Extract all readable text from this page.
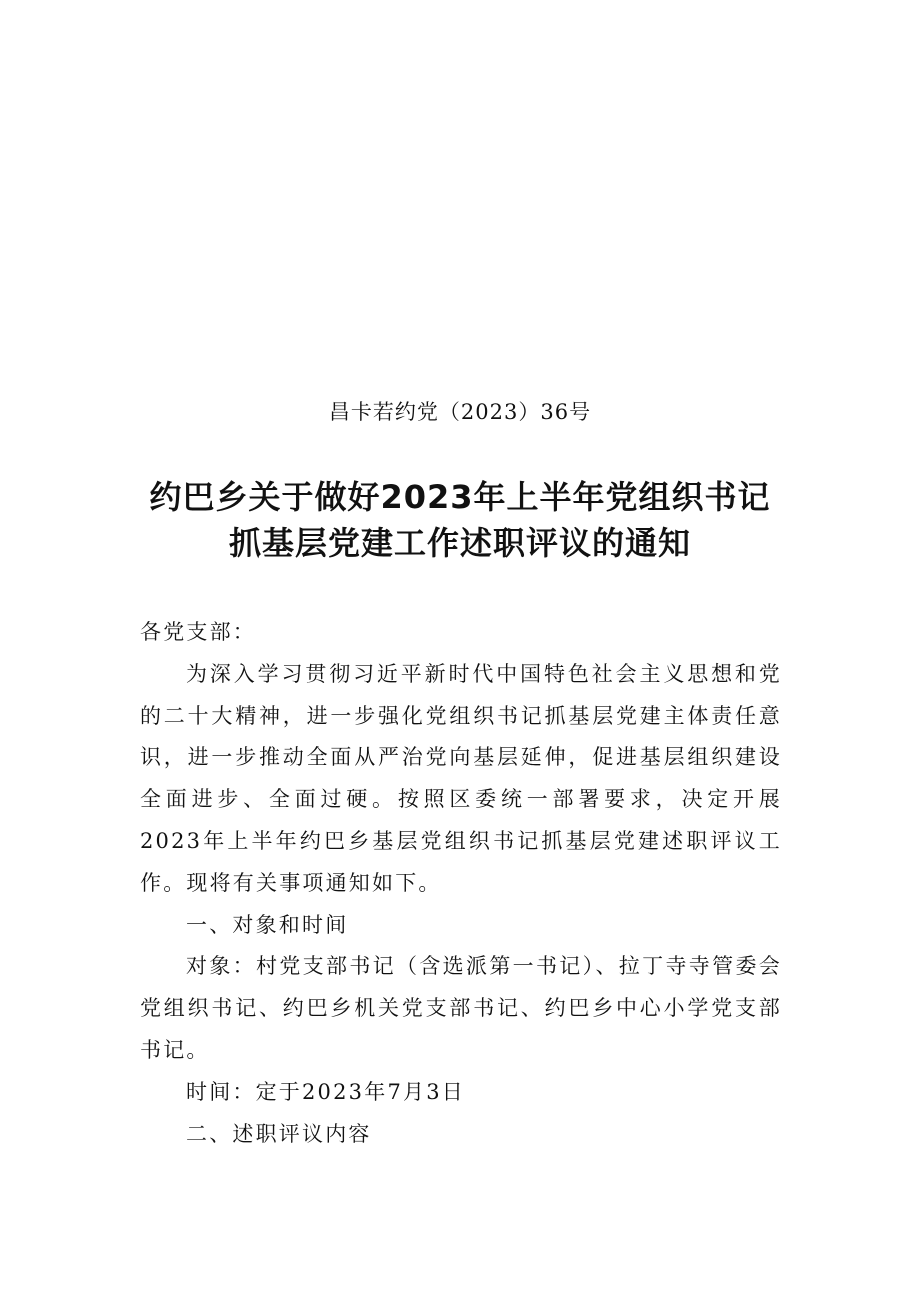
昌卡若约党（2023）36号
约巴乡关于做好2023年上半年党组织书记
抓基层党建工作述职评议的通知

各党支部：

为深入学习贯彻习近平新时代中国特色社会主义思想和党的二十大精神，进一步强化党组织书记抓基层党建主体责任意识，进一步推动全面从严治党向基层延伸，促进基层组织建设全面进步、全面过硬。按照区委统一部署要求，决定开展2023年上半年约巴乡基层党组织书记抓基层党建述职评议工作。现将有关事项通知如下。

一、对象和时间

对象：村党支部书记（含选派第一书记）、拉丁寺寺管委会党组织书记、约巴乡机关党支部书记、约巴乡中心小学党支部书记。

时间：定于2023年7月3日

二、述职评议内容
